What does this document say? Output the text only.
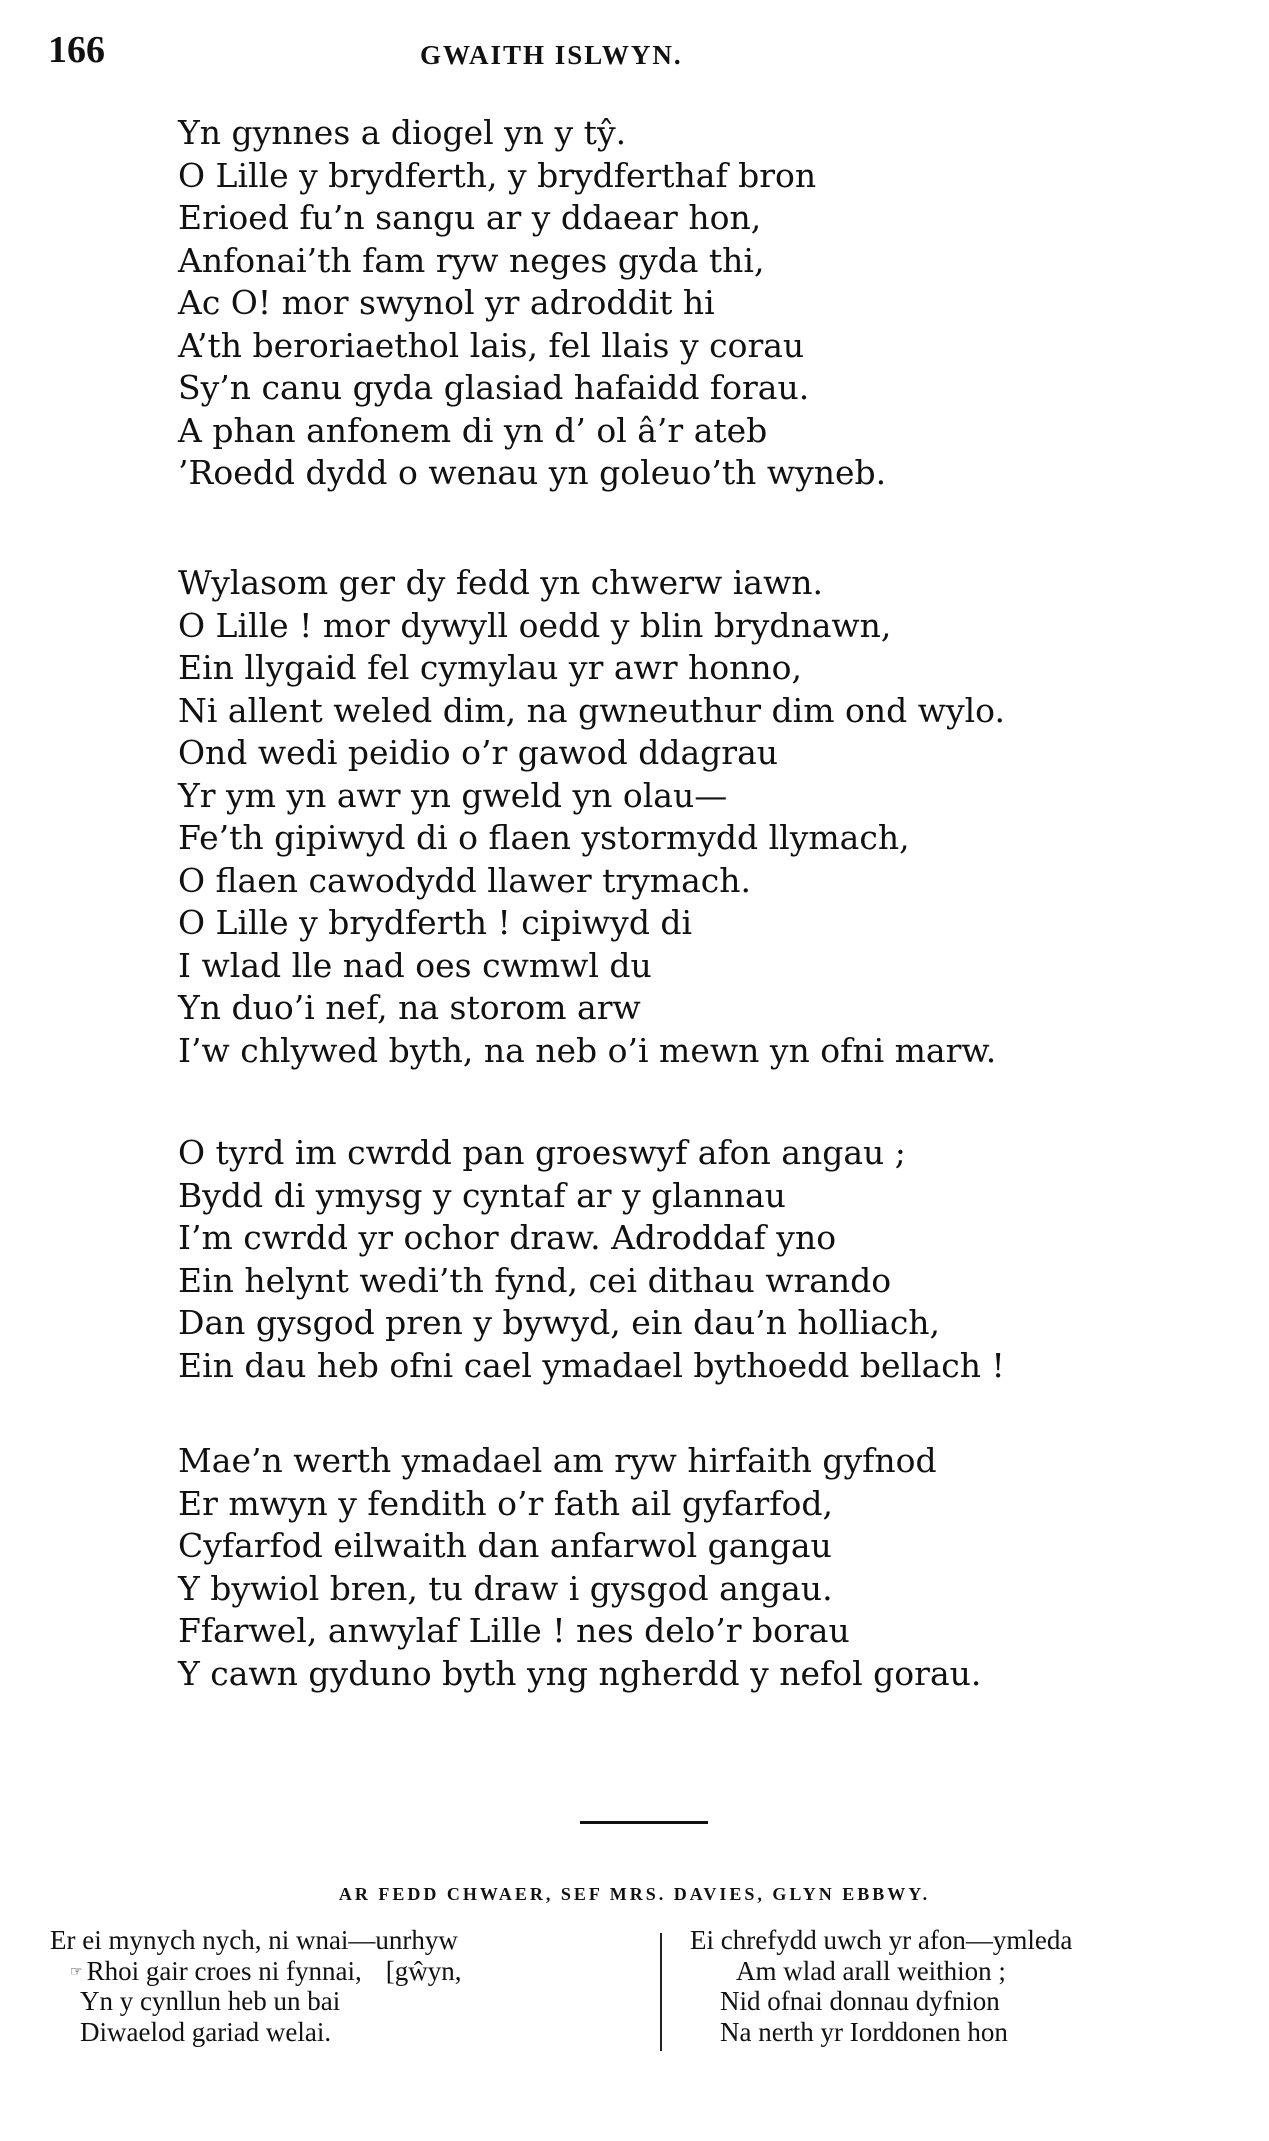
166	GWAITH ISLWYN.
Yn gynnes a diogel yn y tŷ.
O Lille y brydferth, y brydferthaf bron
Erioed fu’n sangu ar y ddaear hon,
Anfonai’th fam ryw neges gyda thi,
Ac O! mor swynol yr adroddit hi
A’th beroriaethol lais, fel llais y corau
Sy’n canu gyda glasiad hafaidd forau.
A phan anfonem di yn d’ ol â’r ateb
’Roedd dydd o wenau yn goleuo’th wyneb.
Wylasom ger dy fedd yn chwerw iawn.
O Lille ! mor dywyll oedd y blin brydnawn,
Ein llygaid fel cymylau yr awr honno,
Ni allent weled dim, na gwneuthur dim ond wylo.
Ond wedi peidio o’r gawod ddagrau
Yr ym yn awr yn gweld yn olau—
Fe’th gipiwyd di o flaen ystormydd llymach,
O flaen cawodydd llawer trymach.
O Lille y brydferth ! cipiwyd di
I wlad lle nad oes cwmwl du
Yn duo’i nef, na storom arw
I’w chlywed byth, na neb o’i mewn yn ofni marw.
O tyrd im cwrdd pan groeswyf afon angau ;
Bydd di ymysg y cyntaf ar y glannau
I’m cwrdd yr ochor draw. Adroddaf yno
Ein helynt wedi’th fynd, cei dithau wrando
Dan gysgod pren y bywyd, ein dau’n holliach,
Ein dau heb ofni cael ymadael bythoedd bellach !
Mae’n werth ymadael am ryw hirfaith gyfnod
Er mwyn y fendith o’r fath ail gyfarfod,
Cyfarfod eilwaith dan anfarwol gangau
Y bywiol bren, tu draw i gysgod angau.
Ffarwel, anwylaf Lille ! nes delo’r borau
Y cawn gyduno byth yng ngherdd y nefol gorau.
AR FEDD CHWAER, SEF MRS. DAVIES, GLYN EBBWY.
Er ei mynych nych, ni wnai—unrhyw
☞ Rhoi gair croes ni fynnai, [gŵyn,
Yn y cynllun heb un bai
Diwaelod gariad welai.
Ei chrefydd uwch yr afon—ymleda
Am wlad arall weithion ;
Nid ofnai donnau dyfnion
Na nerth yr Iorddonen hon
